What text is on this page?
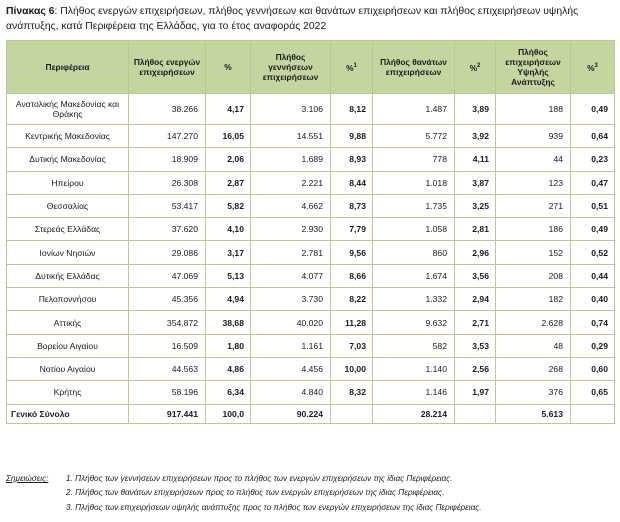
Πίνακας 6: Πλήθος ενεργών επιχειρήσεων, πλήθος γεννήσεων και θανάτων επιχειρήσεων και πλήθος επιχειρήσεων υψηλής ανάπτυξης, κατά Περιφέρεια της Ελλάδας, για το έτος αναφοράς 2022
Περιφέρεια	Πλήθος ενεργών επιχειρήσεων	%	Πλήθος γεννήσεων επιχειρήσεων	%$^1$	Πλήθος θανάτων επιχειρήσεων	%$^2$	Πλήθος επιχειρήσεων Υψηλής Ανάπτυξης	%$^3$
Ανατολικής Μακεδονίας και Θράκης	38.266	4,17	3.106	8,12	1.487	3,89	188	0,49
Κεντρικής Μακεδονίας	147.270	16,05	14.551	9,88	5.772	3,92	939	0,64
Δυτικής Μακεδονίας	18.909	2,06	1.689	8,93	778	4,11	44	0,23
Ηπείρου	26.308	2,87	2.221	8,44	1.018	3,87	123	0,47
Θεσσαλίας	53.417	5,82	4.662	8,73	1.735	3,25	271	0,51
Στερεάς Ελλάδας	37.620	4,10	2.930	7,79	1.058	2,81	186	0,49
Ιονίων Νησιών	29.086	3,17	2.781	9,56	860	2,96	152	0,52
Δυτικής Ελλάδας	47.069	5,13	4.077	8,66	1.674	3,56	208	0,44
Πελοποννήσου	45.356	4,94	3.730	8,22	1.332	2,94	182	0,40
Αττικής	354.872	38,68	40.020	11,28	9.632	2,71	2.628	0,74
Βορείου Αιγαίου	16.509	1,80	1.161	7,03	582	3,53	48	0,29
Νοτίου Αιγαίου	44.563	4,86	4.456	10,00	1.140	2,56	268	0,60
Κρήτης	58.196	6,34	4.840	8,32	1.146	1,97	376	0,65
Γενικό Σύνολο	917.441	100,0	90.224		28.214		5.613	
Σημειώσεις: 1. Πλήθος των γεννήσεων επιχειρήσεων προς το πλήθος των ενεργών επιχειρήσεων της ίδιας Περιφέρειας.
2. Πλήθος των θανάτων επιχειρήσεων προς το πλήθος των ενεργών επιχειρήσεων της ίδιας Περιφέρειας.
3. Πλήθος των επιχειρήσεων υψηλής ανάπτυξης προς το πλήθος των ενεργών επιχειρήσεων της ίδιας Περιφέρειας.
